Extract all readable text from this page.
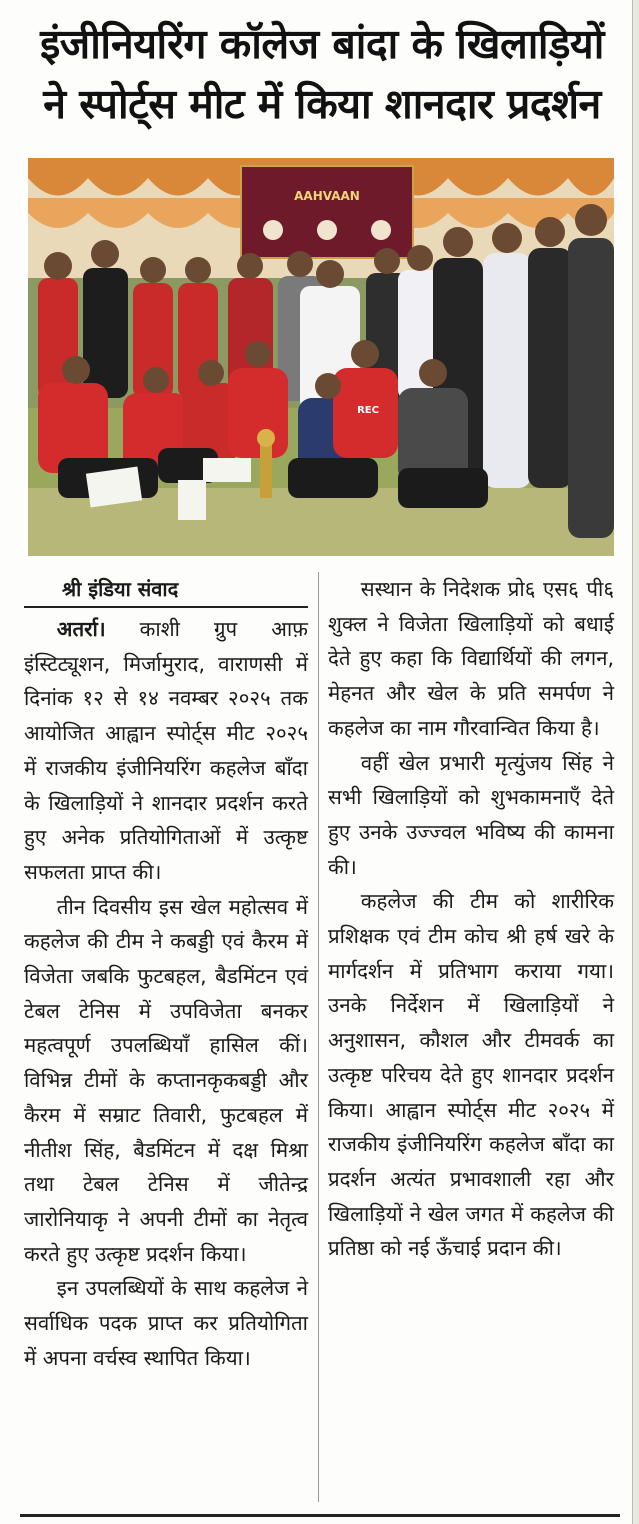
इंजीनियरिंग कॉलेज बांदा के खिलाड़ियों
ने स्पोर्ट्स मीट में किया शानदार प्रदर्शन
AAHVAAN
REC
श्री इंडिया संवाद

अतर्रा। काशी ग्रुप आफ़ इंस्टिट्यूशन, मिर्जामुराद, वाराणसी में दिनांक १२ से १४ नवम्बर २०२५ तक आयोजित आह्वान स्पोर्ट्स मीट २०२५ में राजकीय इंजीनियरिंग कहलेज बाँदा के खिलाड़ियों ने शानदार प्रदर्शन करते हुए अनेक प्रतियोगिताओं में उत्कृष्ट सफलता प्राप्त की।

तीन दिवसीय इस खेल महोत्सव में कहलेज की टीम ने कबड्डी एवं कैरम में विजेता जबकि फुटबहल, बैडमिंटन एवं टेबल टेनिस में उपविजेता बनकर महत्वपूर्ण उपलब्धियाँ हासिल कीं। विभिन्न टीमों के कप्तानकृकबड्डी और कैरम में सम्राट तिवारी, फुटबहल में नीतीश सिंह, बैडमिंटन में दक्ष मिश्रा तथा टेबल टेनिस में जीतेन्द्र जारोनियाकृ ने अपनी टीमों का नेतृत्व करते हुए उत्कृष्ट प्रदर्शन किया।

इन उपलब्धियों के साथ कहलेज ने सर्वाधिक पदक प्राप्त कर प्रतियोगिता में अपना वर्चस्व स्थापित किया।

सस्थान के निदेशक प्रो६ एस६ पी६ शुक्ल ने विजेता खिलाड़ियों को बधाई देते हुए कहा कि विद्यार्थियों की लगन, मेहनत और खेल के प्रति समर्पण ने कहलेज का नाम गौरवान्वित किया है।

वहीं खेल प्रभारी मृत्युंजय सिंह ने सभी खिलाड़ियों को शुभकामनाएँ देते हुए उनके उज्ज्वल भविष्य की कामना की।

कहलेज की टीम को शारीरिक प्रशिक्षक एवं टीम कोच श्री हर्ष खरे के मार्गदर्शन में प्रतिभाग कराया गया। उनके निर्देशन में खिलाड़ियों ने अनुशासन, कौशल और टीमवर्क का उत्कृष्ट परिचय देते हुए शानदार प्रदर्शन किया। आह्वान स्पोर्ट्स मीट २०२५ में राजकीय इंजीनियरिंग कहलेज बाँदा का प्रदर्शन अत्यंत प्रभावशाली रहा और खिलाड़ियों ने खेल जगत में कहलेज की प्रतिष्ठा को नई ऊँचाई प्रदान की।
